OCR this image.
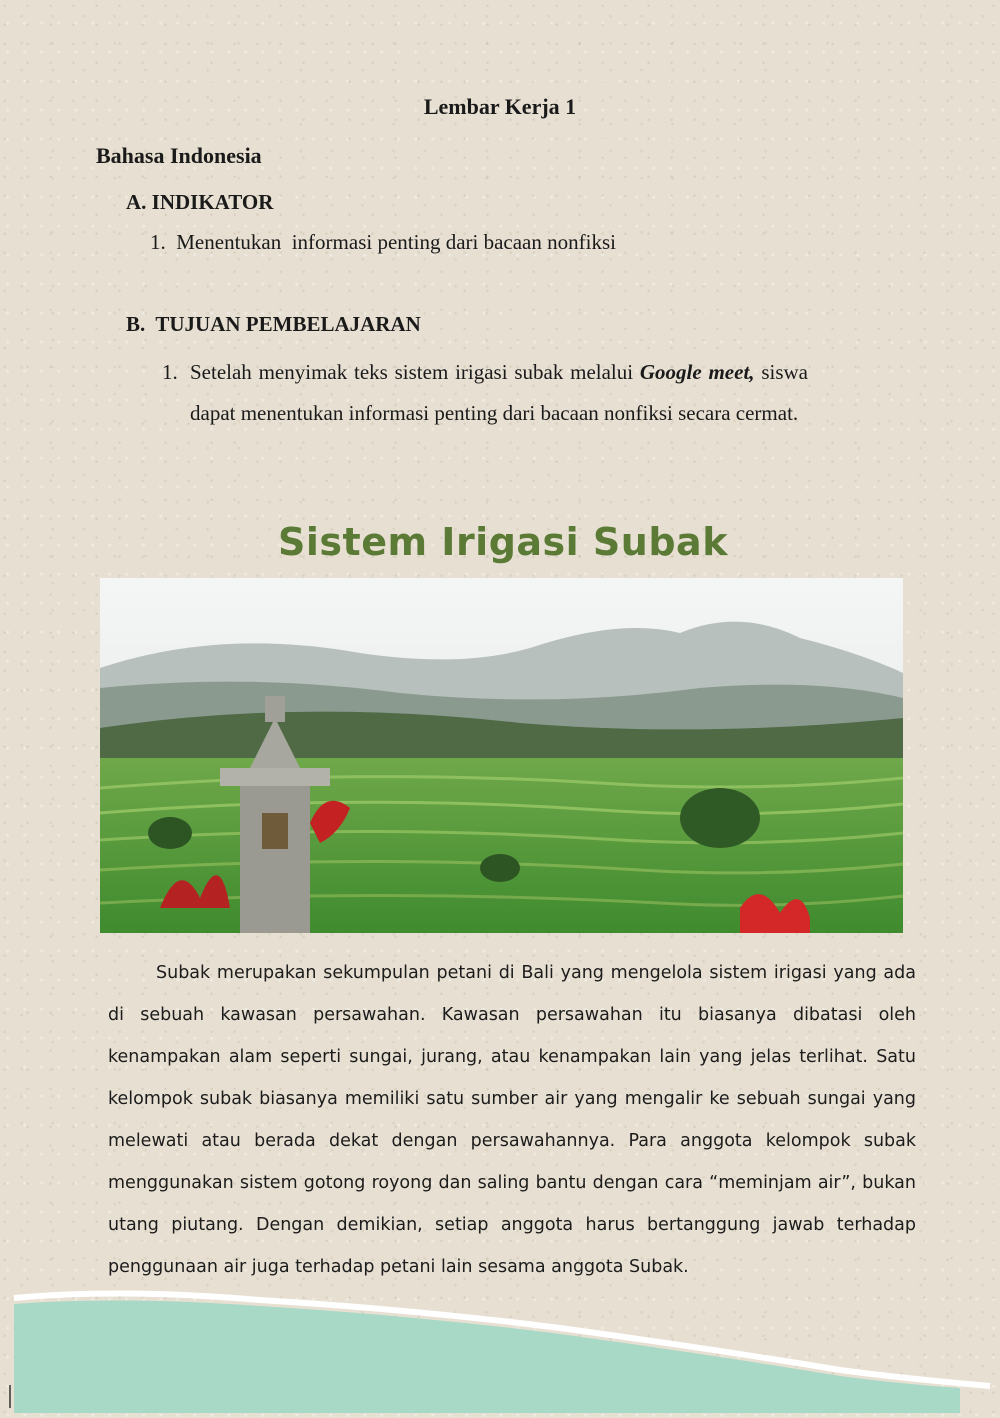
Lembar Kerja 1
Bahasa Indonesia
A. INDIKATOR
1. Menentukan  informasi penting dari bacaan nonfiksi
B.  TUJUAN PEMBELAJARAN
1. Setelah menyimak teks sistem irigasi subak melalui Google meet, siswa dapat menentukan informasi penting dari bacaan nonfiksi secara cermat.
Sistem Irigasi Subak
Subak merupakan sekumpulan petani di Bali yang mengelola sistem irigasi yang ada di sebuah kawasan persawahan. Kawasan persawahan itu biasanya dibatasi oleh kenampakan alam seperti sungai, jurang, atau kenampakan lain yang jelas terlihat. Satu kelompok subak biasanya memiliki satu sumber air yang mengalir ke sebuah sungai yang melewati atau berada dekat dengan persawahannya. Para anggota kelompok subak menggunakan sistem gotong royong dan saling bantu dengan cara “meminjam air”, bukan utang piutang. Dengan demikian, setiap anggota harus bertanggung jawab terhadap penggunaan air juga terhadap petani lain sesama anggota Subak.
